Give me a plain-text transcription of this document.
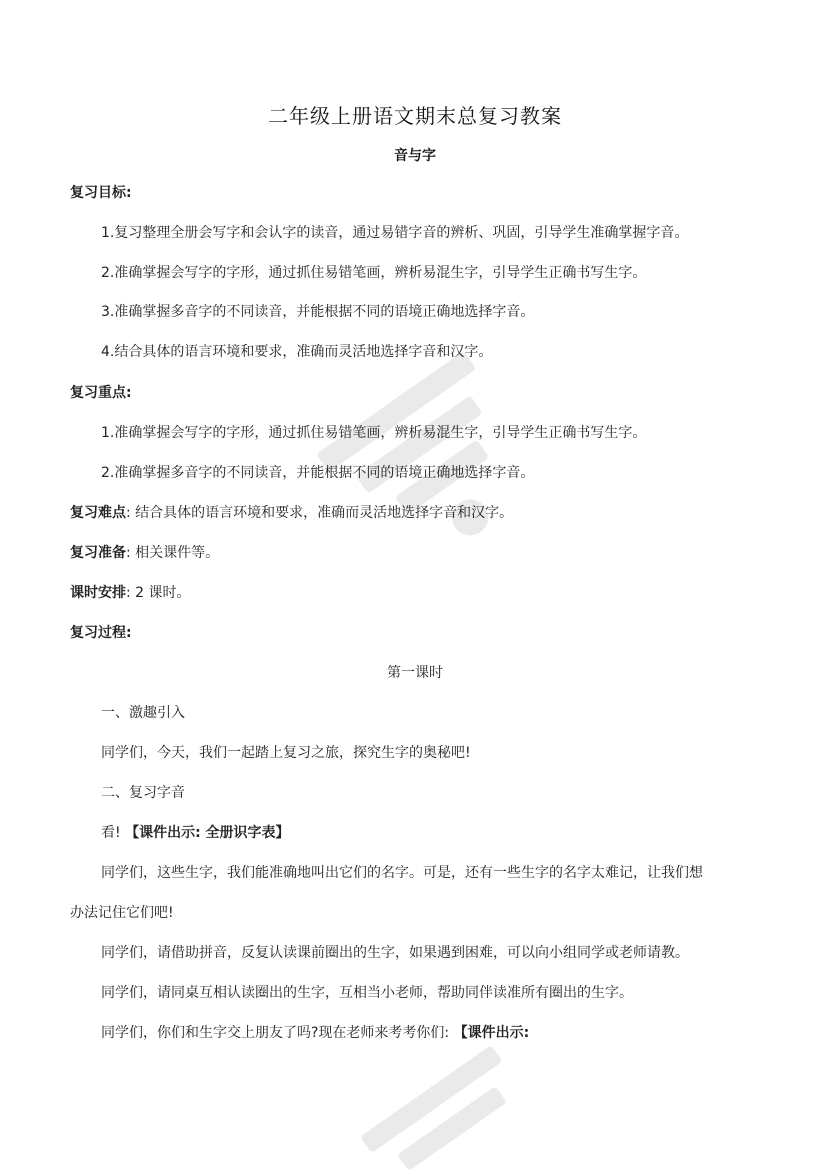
二年级上册语文期末总复习教案
音与字
复习目标:
1.复习整理全册会写字和会认字的读音，通过易错字音的辨析、巩固，引导学生准确掌握字音。
2.准确掌握会写字的字形，通过抓住易错笔画，辨析易混生字，引导学生正确书写生字。
3.准确掌握多音字的不同读音，并能根据不同的语境正确地选择字音。
4.结合具体的语言环境和要求，准确而灵活地选择字音和汉字。
复习重点:
1.准确掌握会写字的字形，通过抓住易错笔画，辨析易混生字，引导学生正确书写生字。
2.准确掌握多音字的不同读音，并能根据不同的语境正确地选择字音。
复习难点: 结合具体的语言环境和要求，准确而灵活地选择字音和汉字。
复习准备: 相关课件等。
课时安排: 2 课时。
复习过程:
第一课时
一、激趣引入
同学们，今天，我们一起踏上复习之旅，探究生字的奥秘吧!
二、复习字音
看! 【课件出示: 全册识字表】
同学们，这些生字，我们能准确地叫出它们的名字。可是，还有一些生字的名字太难记，让我们想
办法记住它们吧!
同学们，请借助拼音，反复认读课前圈出的生字，如果遇到困难，可以向小组同学或老师请教。
同学们，请同桌互相认读圈出的生字，互相当小老师，帮助同伴读准所有圈出的生字。
同学们，你们和生字交上朋友了吗?现在老师来考考你们: 【课件出示:
